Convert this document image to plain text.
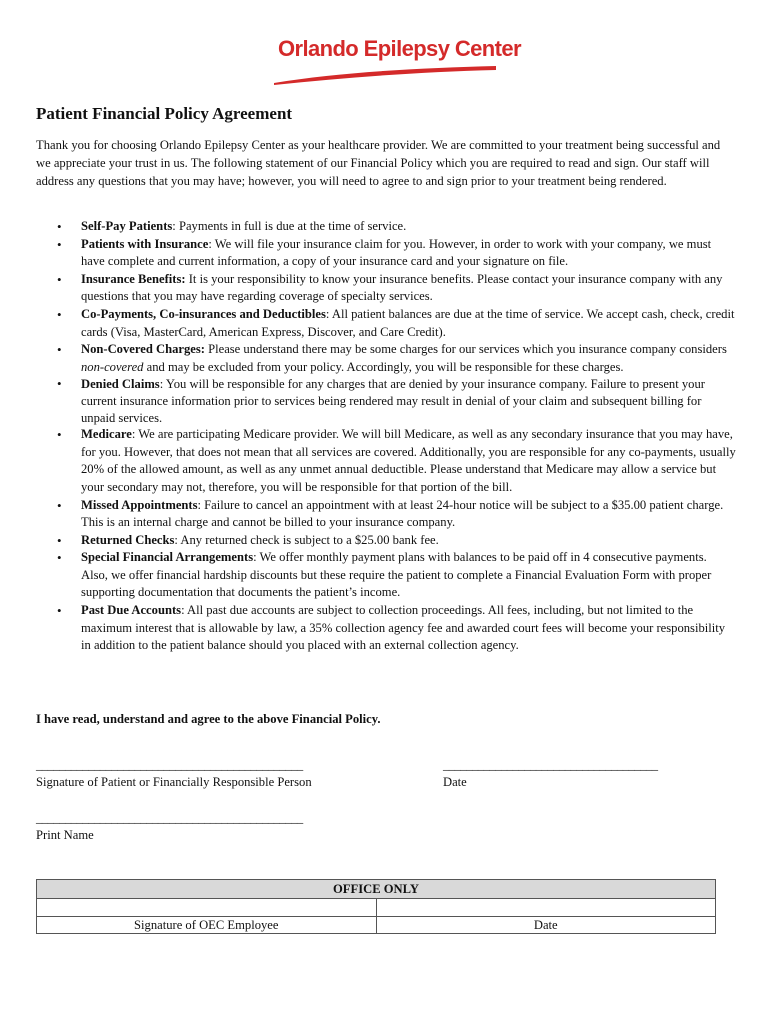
Orlando Epilepsy Center
Patient Financial Policy Agreement

Thank you for choosing Orlando Epilepsy Center as your healthcare provider. We are committed to your treatment being successful and we appreciate your trust in us. The following statement of our Financial Policy which you are required to read and sign. Our staff will address any questions that you may have; however, you will need to agree to and sign prior to your treatment being rendered.

• Self-Pay Patients: Payments in full is due at the time of service.
• Patients with Insurance: We will file your insurance claim for you. However, in order to work with your company, we must have complete and current information, a copy of your insurance card and your signature on file.
• Insurance Benefits: It is your responsibility to know your insurance benefits. Please contact your insurance company with any questions that you may have regarding coverage of specialty services.
• Co-Payments, Co-insurances and Deductibles: All patient balances are due at the time of service. We accept cash, check, credit cards (Visa, MasterCard, American Express, Discover, and Care Credit).
• Non-Covered Charges: Please understand there may be some charges for our services which you insurance company considers non-covered and may be excluded from your policy. Accordingly, you will be responsible for these charges.
• Denied Claims: You will be responsible for any charges that are denied by your insurance company. Failure to present your current insurance information prior to services being rendered may result in denial of your claim and subsequent billing for unpaid services.
• Medicare: We are participating Medicare provider. We will bill Medicare, as well as any secondary insurance that you may have, for you. However, that does not mean that all services are covered. Additionally, you are responsible for any co-payments, usually 20% of the allowed amount, as well as any unmet annual deductible. Please understand that Medicare may allow a service but your secondary may not, therefore, you will be responsible for that portion of the bill.
• Missed Appointments: Failure to cancel an appointment with at least 24-hour notice will be subject to a $35.00 patient charge. This is an internal charge and cannot be billed to your insurance company.
• Returned Checks: Any returned check is subject to a $25.00 bank fee.
• Special Financial Arrangements: We offer monthly payment plans with balances to be paid off in 4 consecutive payments. Also, we offer financial hardship discounts but these require the patient to complete a Financial Evaluation Form with proper supporting documentation that documents the patient’s income.
• Past Due Accounts: All past due accounts are subject to collection proceedings. All fees, including, but not limited to the maximum interest that is allowable by law, a 35% collection agency fee and awarded court fees will become your responsibility in addition to the patient balance should you placed with an external collection agency.

I have read, understand and agree to the above Financial Policy.

______________________________________________
Signature of Patient or Financially Responsible Person
_____________________________________
Date
______________________________________________
Print Name
OFFICE ONLY	

Signature of OEC Employee	Date
